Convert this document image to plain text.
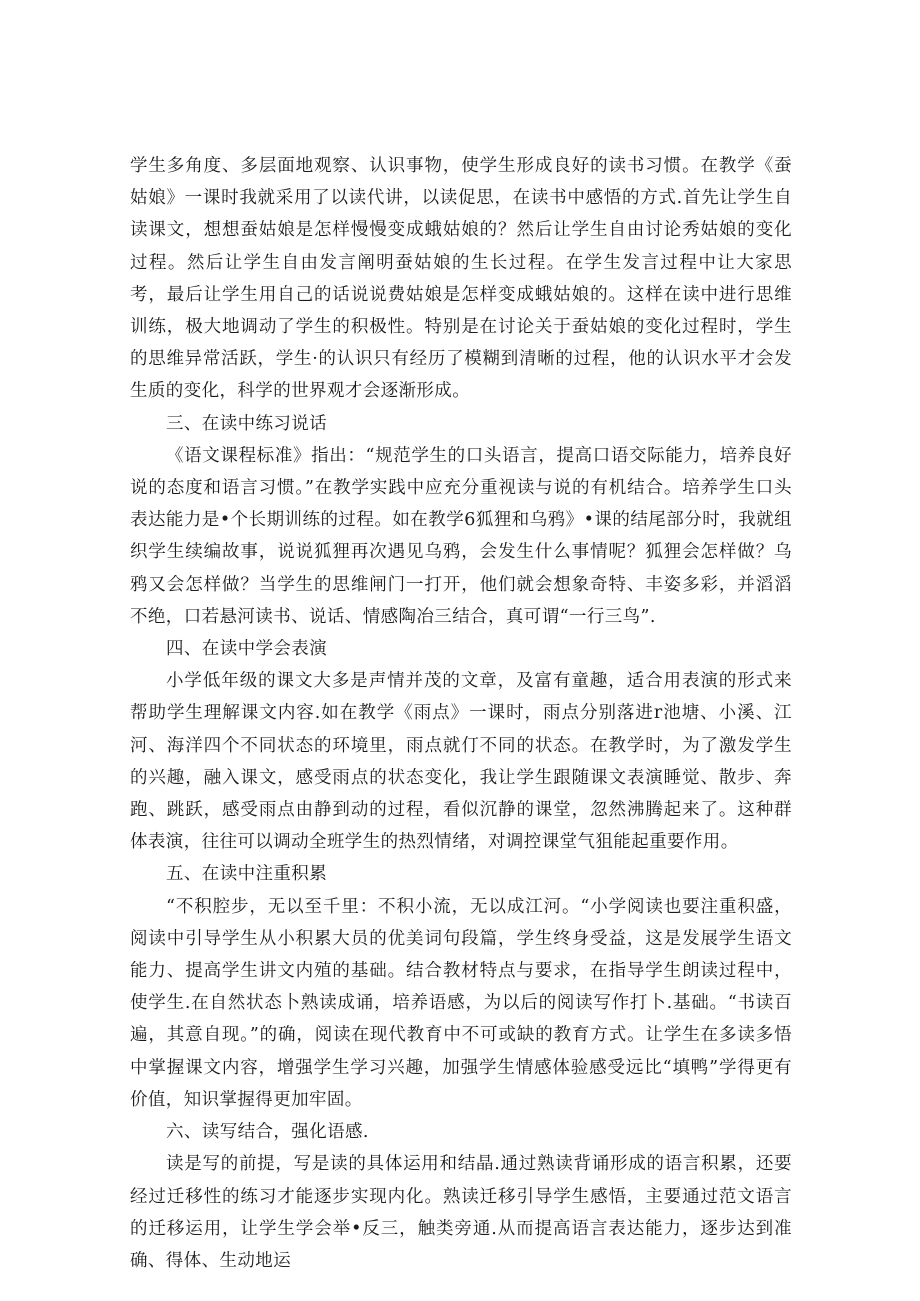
学生多角度、多层面地观察、认识事物，使学生形成良好的读书习惯。在教学《蚕姑娘》一课时我就采用了以读代讲，以读促思，在读书中感悟的方式.首先让学生自读课文，想想蚕姑娘是怎样慢慢变成蛾姑娘的？然后让学生自由讨论秀姑娘的变化过程。然后让学生自由发言阐明蚕姑娘的生长过程。在学生发言过程中让大家思考，最后让学生用自己的话说说费姑娘是怎样变成蛾姑娘的。这样在读中进行思维训练，极大地调动了学生的积极性。特别是在讨论关于蚕姑娘的变化过程时，学生的思维异常活跃，学生·的认识只有经历了模糊到清晰的过程，他的认识水平才会发生质的变化，科学的世界观才会逐渐形成。

三、在读中练习说话

《语文课程标准》指出：“规范学生的口头语言，提高口语交际能力，培养良好说的态度和语言习惯。”在教学实践中应充分重视读与说的有机结合。培养学生口头表达能力是•个长期训练的过程。如在教学6狐狸和乌鸦》•课的结尾部分时，我就组织学生续编故事，说说狐狸再次遇见乌鸦，会发生什么事情呢？狐狸会怎样做？乌鸦又会怎样做？当学生的思维闸门一打开，他们就会想象奇特、丰姿多彩，并滔滔不绝，口若悬河读书、说话、情感陶冶三结合，真可谓“一行三鸟”.

四、在读中学会表演

小学低年级的课文大多是声情并茂的文章，及富有童趣，适合用表演的形式来帮助学生理解课文内容.如在教学《雨点》一课时，雨点分别落进r池塘、小溪、江河、海洋四个不同状态的环境里，雨点就仃不同的状态。在教学时，为了激发学生的兴趣，融入课文，感受雨点的状态变化，我让学生跟随课文表演睡觉、散步、奔跑、跳跃，感受雨点由静到动的过程，看似沉静的课堂，忽然沸腾起来了。这种群体表演，往往可以调动全班学生的热烈情绪，对调控课堂气狙能起重要作用。

五、在读中注重积累

“不积腔步，无以至千里：不积小流，无以成江河。“小学阅读也要注重积盛，阅读中引导学生从小积累大员的优美词句段篇，学生终身受益，这是发展学生语文能力、提高学生讲文内殖的基础。结合教材特点与要求，在指导学生朗读过程中，使学生.在自然状态卜熟读成诵，培养语感，为以后的阅读写作打卜.基础。“书读百遍，其意自现。”的确，阅读在现代教育中不可或缺的教育方式。让学生在多读多悟中掌握课文内容，增强学生学习兴趣，加强学生情感体验感受远比“填鸭”学得更有价值，知识掌握得更加牢固。

六、读写结合，强化语感.

读是写的前提，写是读的具体运用和结晶.通过熟读背诵形成的语言积累，还要经过迁移性的练习才能逐步实现内化。熟读迁移引导学生感悟，主要通过范文语言的迁移运用，让学生学会举•反三，触类旁通.从而提高语言表达能力，逐步达到准确、得体、生动地运
